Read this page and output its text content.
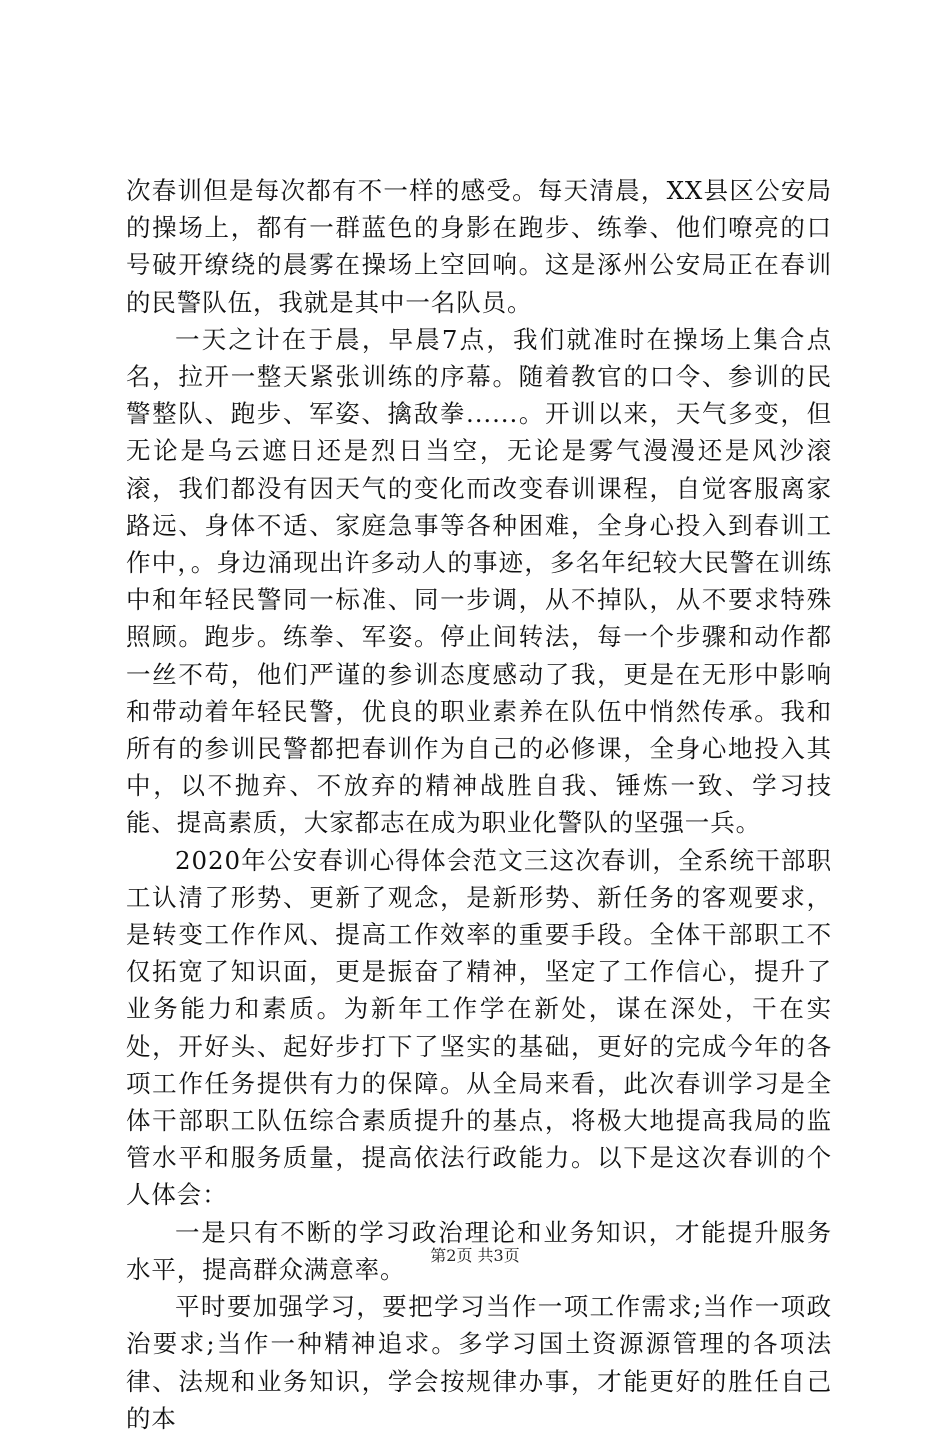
次春训但是每次都有不一样的感受。每天清晨，XX县区公安局的操场上，都有一群蓝色的身影在跑步、练拳、他们嘹亮的口号破开缭绕的晨雾在操场上空回响。这是涿州公安局正在春训的民警队伍，我就是其中一名队员。

一天之计在于晨，早晨7点，我们就准时在操场上集合点名，拉开一整天紧张训练的序幕。随着教官的口令、参训的民警整队、跑步、军姿、擒敌拳......。开训以来，天气多变，但无论是乌云遮日还是烈日当空，无论是雾气漫漫还是风沙滚滚，我们都没有因天气的变化而改变春训课程，自觉客服离家路远、身体不适、家庭急事等各种困难，全身心投入到春训工作中，。身边涌现出许多动人的事迹，多名年纪较大民警在训练中和年轻民警同一标准、同一步调，从不掉队，从不要求特殊照顾。跑步。练拳、军姿。停止间转法，每一个步骤和动作都一丝不苟，他们严谨的参训态度感动了我，更是在无形中影响和带动着年轻民警，优良的职业素养在队伍中悄然传承。我和所有的参训民警都把春训作为自己的必修课，全身心地投入其中，以不抛弃、不放弃的精神战胜自我、锤炼一致、学习技能、提高素质，大家都志在成为职业化警队的坚强一兵。

2020年公安春训心得体会范文三这次春训，全系统干部职工认清了形势、更新了观念，是新形势、新任务的客观要求，是转变工作作风、提高工作效率的重要手段。全体干部职工不仅拓宽了知识面，更是振奋了精神，坚定了工作信心，提升了业务能力和素质。为新年工作学在新处，谋在深处，干在实处，开好头、起好步打下了坚实的基础，更好的完成今年的各项工作任务提供有力的保障。从全局来看，此次春训学习是全体干部职工队伍综合素质提升的基点，将极大地提高我局的监管水平和服务质量，提高依法行政能力。以下是这次春训的个人体会：

一是只有不断的学习政治理论和业务知识，才能提升服务水平，提高群众满意率。

平时要加强学习，要把学习当作一项工作需求;当作一项政治要求;当作一种精神追求。多学习国土资源源管理的各项法律、法规和业务知识，学会按规律办事，才能更好的胜任自己的本

第2页 共3页
